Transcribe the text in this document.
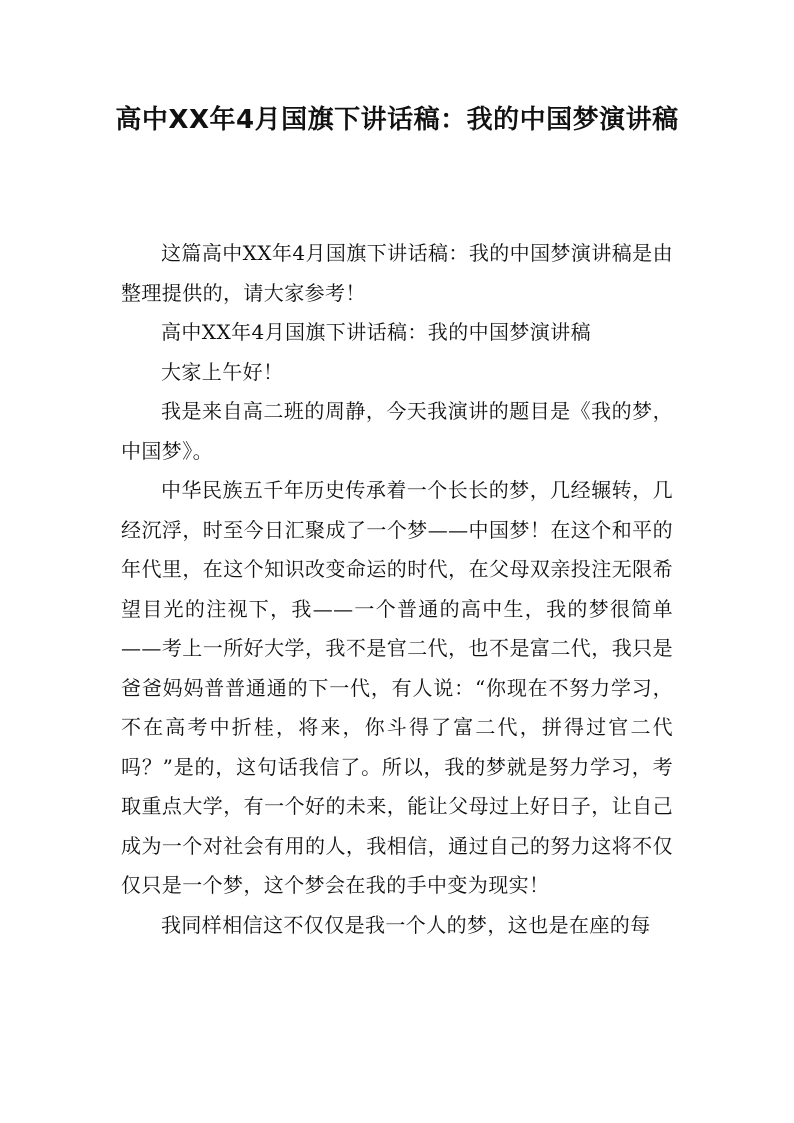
高中XX年4月国旗下讲话稿：我的中国梦演讲稿

这篇高中XX年4月国旗下讲话稿：我的中国梦演讲稿是由整理提供的，请大家参考！

高中XX年4月国旗下讲话稿：我的中国梦演讲稿

大家上午好！

我是来自高二班的周静，今天我演讲的题目是《我的梦，中国梦》。

中华民族五千年历史传承着一个长长的梦，几经辗转，几经沉浮，时至今日汇聚成了一个梦——中国梦！在这个和平的年代里，在这个知识改变命运的时代，在父母双亲投注无限希望目光的注视下，我——一个普通的高中生，我的梦很简单——考上一所好大学，我不是官二代，也不是富二代，我只是爸爸妈妈普普通通的下一代，有人说：“你现在不努力学习，不在高考中折桂，将来，你斗得了富二代，拼得过官二代吗？”是的，这句话我信了。所以，我的梦就是努力学习，考取重点大学，有一个好的未来，能让父母过上好日子，让自己成为一个对社会有用的人，我相信，通过自己的努力这将不仅仅只是一个梦，这个梦会在我的手中变为现实！

我同样相信这不仅仅是我一个人的梦，这也是在座的每
